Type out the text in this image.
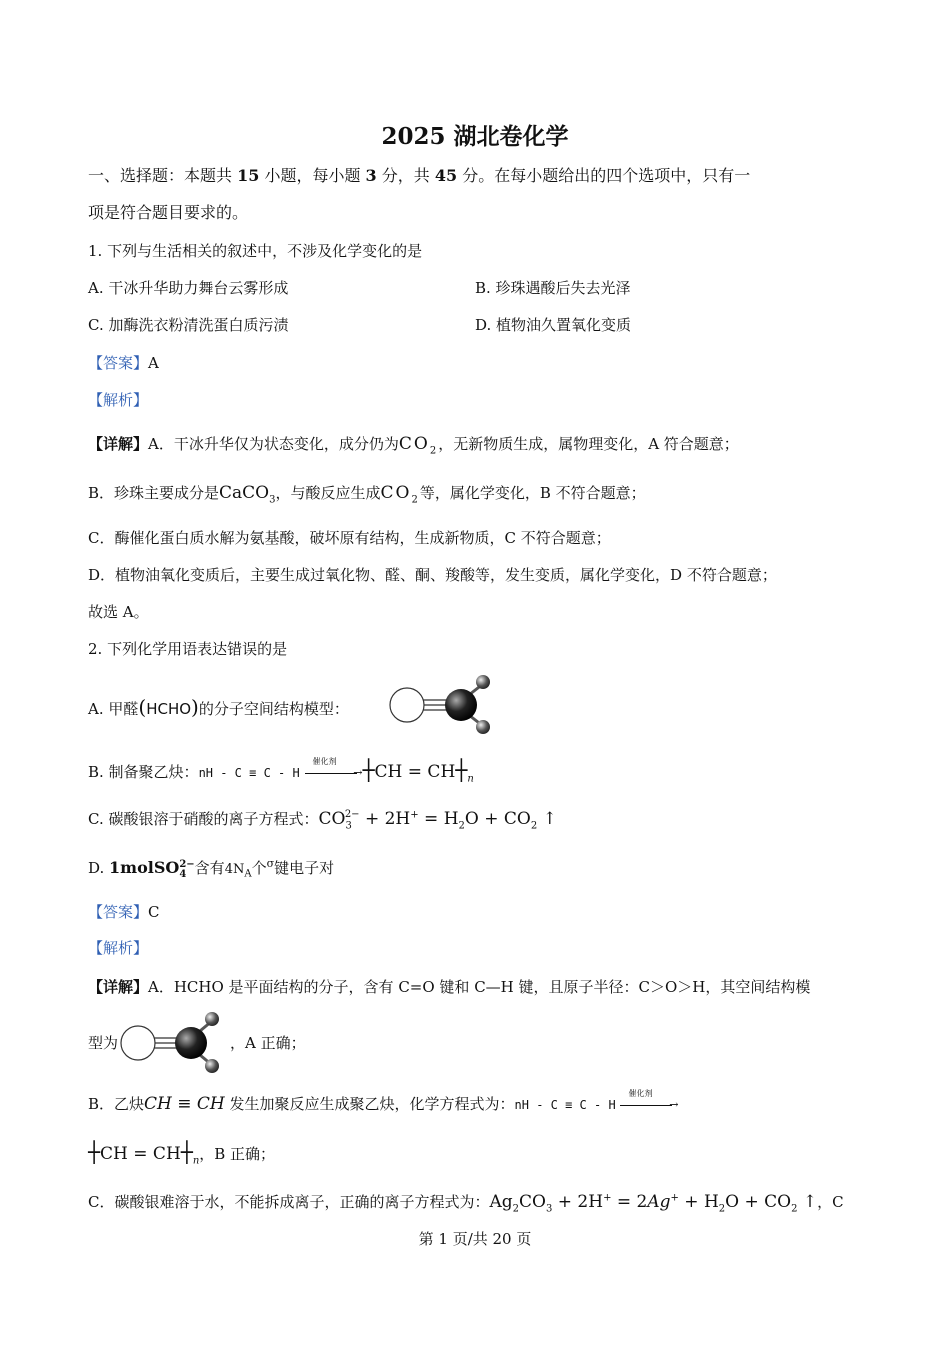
2025 湖北卷化学
一、选择题：本题共 15 小题，每小题 3 分，共 45 分。在每小题给出的四个选项中，只有一
项是符合题目要求的。
1. 下列与生活相关的叙述中，不涉及化学变化的是
A. 干冰升华助力舞台云雾形成	B. 珍珠遇酸后失去光泽
C. 加酶洗衣粉清洗蛋白质污渍	D. 植物油久置氧化变质
【答案】A
【解析】
【详解】A．干冰升华仅为状态变化，成分仍为$CO_2$，无新物质生成，属物理变化，A 符合题意；
B．珍珠主要成分是CaCO$_3$，与酸反应生成$CO_2$等，属化学变化，B 不符合题意；
C．酶催化蛋白质水解为氨基酸，破坏原有结构，生成新物质，C 不符合题意；
D．植物油氧化变质后，主要生成过氧化物、醛、酮、羧酸等，发生变质，属化学变化，D 不符合题意；
故选 A。
2. 下列化学用语表达错误的是
A. 甲醛(HCHO)的分子空间结构模型：
B. 制备聚乙炔：nH - C ≡ C - H
催化剂
→ ┼CH = $CH┼_n$
C. 碳酸银溶于硝酸的离子方程式：$CO_3^{2-} + 2H^+ = H_2O + CO_2$ ↑
D. 1molSO$_4^{2-}$含有$4N_A$个$^\sigma$键电子对
【答案】C
【解析】
【详解】A．HCHO 是平面结构的分子，含有 C=O 键和 C—H 键，且原子半径：C＞O＞H，其空间结构模
型为	，A 正确；
B．乙炔CH ≡ CH 发生加聚反应生成聚乙炔，化学方程式为：nH - C ≡ C - H
催化剂
→
┼CH = $CH┼_n$，B 正确；
C．碳酸银难溶于水，不能拆成离子，正确的离子方程式为：$Ag_2CO_3 + 2H^+ = 2Ag^+ + H_2O + CO_2$ ↑，C
第 1 页/共 20 页
